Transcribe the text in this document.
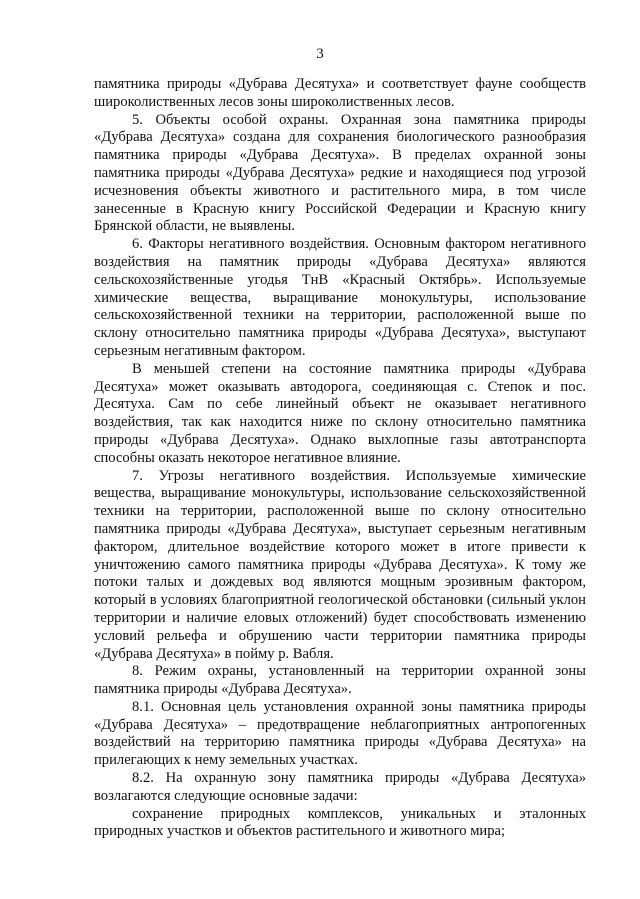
3

памятника природы «Дубрава Десятуха» и соответствует фауне сообществ широколиственных лесов зоны широколиственных лесов.

5. Объекты особой охраны. Охранная зона памятника природы «Дубрава Десятуха» создана для сохранения биологического разнообразия памятника природы «Дубрава Десятуха». В пределах охранной зоны памятника природы «Дубрава Десятуха» редкие и находящиеся под угрозой исчезновения объекты животного и растительного мира, в том числе занесенные в Красную книгу Российской Федерации и Красную книгу Брянской области, не выявлены.

6. Факторы негативного воздействия. Основным фактором негативного воздействия на памятник природы «Дубрава Десятуха» являются сельскохозяйственные угодья ТнВ «Красный Октябрь». Используемые химические вещества, выращивание монокультуры, использование сельскохозяйственной техники на территории, расположенной выше по склону относительно памятника природы «Дубрава Десятуха», выступают серьезным негативным фактором.

В меньшей степени на состояние памятника природы «Дубрава Десятуха» может оказывать автодорога, соединяющая с. Степок и пос. Десятуха. Сам по себе линейный объект не оказывает негативного воздействия, так как находится ниже по склону относительно памятника природы «Дубрава Десятуха». Однако выхлопные газы автотранспорта способны оказать некоторое негативное влияние.

7. Угрозы негативного воздействия. Используемые химические вещества, выращивание монокультуры, использование сельскохозяйственной техники на территории, расположенной выше по склону относительно памятника природы «Дубрава Десятуха», выступает серьезным негативным фактором, длительное воздействие которого может в итоге привести к уничтожению самого памятника природы «Дубрава Десятуха». К тому же потоки талых и дождевых вод являются мощным эрозивным фактором, который в условиях благоприятной геологической обстановки (сильный уклон территории и наличие еловых отложений) будет способствовать изменению условий рельефа и обрушению части территории памятника природы «Дубрава Десятуха» в пойму р. Вабля.

8. Режим охраны, установленный на территории охранной зоны памятника природы «Дубрава Десятуха».

8.1. Основная цель установления охранной зоны памятника природы «Дубрава Десятуха» – предотвращение неблагоприятных антропогенных воздействий на территорию памятника природы «Дубрава Десятуха» на прилегающих к нему земельных участках.

8.2. На охранную зону памятника природы «Дубрава Десятуха» возлагаются следующие основные задачи:

сохранение природных комплексов, уникальных и эталонных природных участков и объектов растительного и животного мира;
